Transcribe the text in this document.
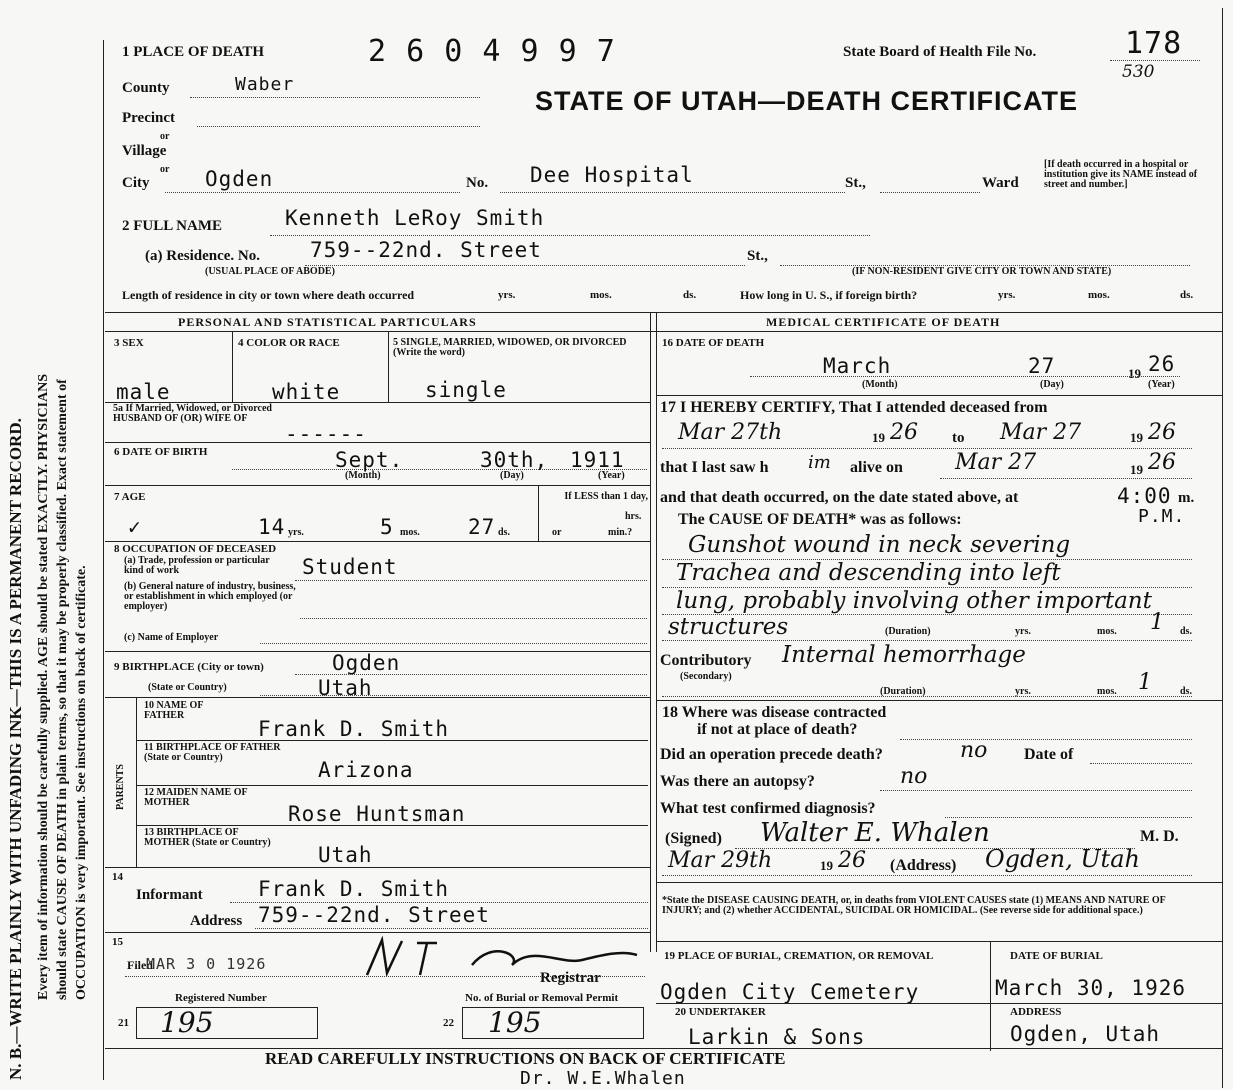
N. B.—WRITE PLAINLY WITH UNFADING INK—THIS IS A PERMANENT RECORD. Every item of information should be carefully supplied. AGE should be stated EXACTLY. PHYSICIANS should state CAUSE OF DEATH in plain terms, so that it may be properly classified. Exact statement of OCCUPATION is very important. See instructions on back of certificate.
1 PLACE OF DEATH	2 6 0 4 9 9 7	State Board of Health File No.	178
530
STATE OF UTAH—DEATH CERTIFICATE
County	Waber
Precinct
or
Village
or
City	Ogden	No. Dee Hospital	St.,	Ward
[If death occurred in a hospital or institution give its NAME instead of street and number.]
2 FULL NAME	Kenneth LeRoy Smith
(a) Residence. No. 759--22nd. Street	St.,
(USUAL PLACE OF ABODE)	(IF NON-RESIDENT GIVE CITY OR TOWN AND STATE)
Length of residence in city or town where death occurred	yrs.	mos.	ds.	How long in U. S., if foreign birth?	yrs.	mos.	ds.
PERSONAL AND STATISTICAL PARTICULARS	MEDICAL CERTIFICATE OF DEATH
3 SEX
male
4 COLOR OR RACE
white
5 SINGLE, MARRIED, WIDOWED, OR DIVORCED (Write the word)
single
5a If Married, Widowed, or Divorced HUSBAND OF (OR) WIFE OF
------
6 DATE OF BIRTH	Sept.	30th, 1911
(Month)	(Day)	(Year)
7 AGE
✓	14 yrs.	5 mos. 27 ds.
If LESS than 1 day,
hrs.
or	min.?
8 OCCUPATION OF DECEASED
(a) Trade, profession or particular kind of work	Student
(b) General nature of industry, business, or establishment in which employed (or employer)
(c) Name of Employer
9 BIRTHPLACE (City or town)	Ogden
(State or Country)	Utah
PARENTS
10 NAME OF FATHER
Frank D. Smith
11 BIRTHPLACE OF FATHER (State or Country)
Arizona
12 MAIDEN NAME OF MOTHER	Rose Huntsman
13 BIRTHPLACE OF MOTHER (State or Country)
Utah
14
Informant	Frank D. Smith
Address 759--22nd. Street
15
Filed
MAR 3 0 1926
Registrar
Registered Number	No. of Burial or Removal Permit
21 195	22 195
16 DATE OF DEATH
March	27	19 26
(Month)	(Day)	(Year)
17 I HEREBY CERTIFY, That I attended deceased from
Mar 27th	19 26 to Mar 27	19 26
that I last saw h im alive on Mar 27	19 26
and that death occurred, on the date stated above, at	4:00 m.
P.M.
The CAUSE OF DEATH* was as follows:
Gunshot wound in neck severing
Trachea and descending into left
lung, probably involving other important
structures	(Duration)	yrs.	mos. 1 ds.
Contributory Internal hemorrhage
(Secondary)
(Duration)	yrs.	mos. 1	ds.
18 Where was disease contracted
if not at place of death?
Did an operation precede death?	no Date of
Was there an autopsy?	no
What test confirmed diagnosis?
(Signed) Walter E. Whalen	M. D.
Mar 29th	19 26 (Address) Ogden, Utah
*State the DISEASE CAUSING DEATH, or, in deaths from VIOLENT CAUSES state (1) MEANS AND NATURE OF INJURY; and (2) whether ACCIDENTAL, SUICIDAL OR HOMICIDAL. (See reverse side for additional space.)
19 PLACE OF BURIAL, CREMATION, OR REMOVAL
Ogden City Cemetery
DATE OF BURIAL
March 30, 1926
20 UNDERTAKER
Larkin & Sons
ADDRESS
Ogden, Utah
READ CAREFULLY INSTRUCTIONS ON BACK OF CERTIFICATE
Dr. W.E.Whalen
